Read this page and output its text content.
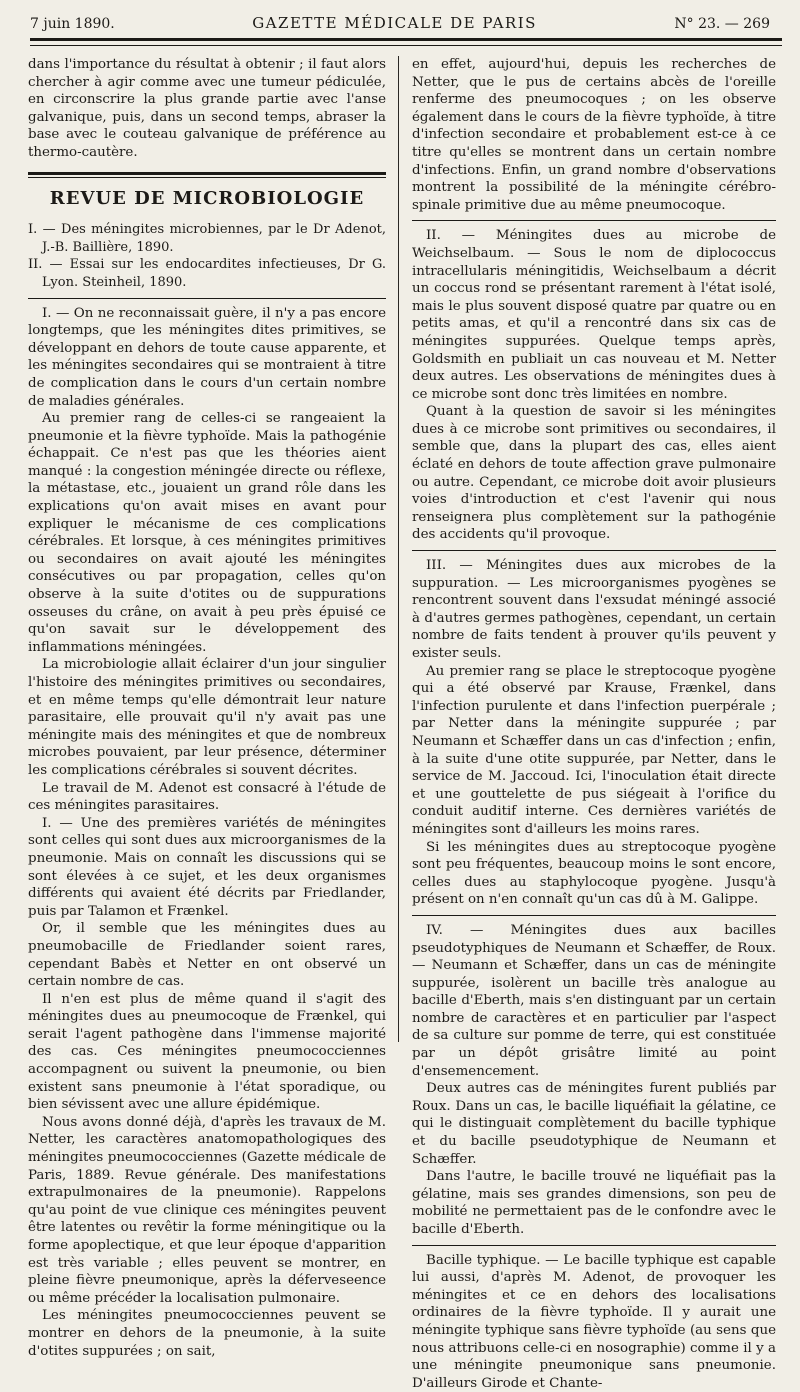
7 juin 1890.	GAZETTE MÉDICALE DE PARIS	N° 23. — 269

dans l'importance du résultat à obtenir ; il faut alors chercher à agir comme avec une tumeur pédiculée, en circonscrire la plus grande partie avec l'anse galvanique, puis, dans un second temps, abraser la base avec le couteau galvanique de préférence au thermo-cautère.

REVUE DE MICROBIOLOGIE

I. — Des méningites microbiennes, par le Dr Adenot, J.-B. Baillière, 1890.

II. — Essai sur les endocardites infectieuses, Dr G. Lyon. Steinheil, 1890.

I. — On ne reconnaissait guère, il n'y a pas encore longtemps, que les méningites dites primitives, se développant en dehors de toute cause apparente, et les méningites secondaires qui se montraient à titre de complication dans le cours d'un certain nombre de maladies générales.

Au premier rang de celles-ci se rangeaient la pneumonie et la fièvre typhoïde. Mais la pathogénie échappait. Ce n'est pas que les théories aient manqué : la congestion méningée directe ou réflexe, la métastase, etc., jouaient un grand rôle dans les explications qu'on avait mises en avant pour expliquer le mécanisme de ces complications cérébrales. Et lorsque, à ces méningites primitives ou secondaires on avait ajouté les méningites consécutives ou par propagation, celles qu'on observe à la suite d'otites ou de suppurations osseuses du crâne, on avait à peu près épuisé ce qu'on savait sur le développement des inflammations méningées.

La microbiologie allait éclairer d'un jour singulier l'histoire des méningites primitives ou secondaires, et en même temps qu'elle démontrait leur nature parasitaire, elle prouvait qu'il n'y avait pas une méningite mais des méningites et que de nombreux microbes pouvaient, par leur présence, déterminer les complications cérébrales si souvent décrites.

Le travail de M. Adenot est consacré à l'étude de ces méningites parasitaires.

I. — Une des premières variétés de méningites sont celles qui sont dues aux microorganismes de la pneumonie. Mais on connaît les discussions qui se sont élevées à ce sujet, et les deux organismes différents qui avaient été décrits par Friedlander, puis par Talamon et Frænkel.

Or, il semble que les méningites dues au pneumobacille de Friedlander soient rares, cependant Babès et Netter en ont observé un certain nombre de cas.

Il n'en est plus de même quand il s'agit des méningites dues au pneumocoque de Frænkel, qui serait l'agent pathogène dans l'immense majorité des cas. Ces méningites pneumococciennes accompagnent ou suivent la pneumonie, ou bien existent sans pneumonie à l'état sporadique, ou bien sévissent avec une allure épidémique.

Nous avons donné déjà, d'après les travaux de M. Netter, les caractères anatomopathologiques des méningites pneumococciennes (Gazette médicale de Paris, 1889. Revue générale. Des manifestations extrapulmonaires de la pneumonie). Rappelons qu'au point de vue clinique ces méningites peuvent être latentes ou revêtir la forme méningitique ou la forme apoplectique, et que leur époque d'apparition est très variable ; elles peuvent se montrer, en pleine fièvre pneumonique, après la déferveseence ou même précéder la localisation pulmonaire.

Les méningites pneumococciennes peuvent se montrer en dehors de la pneumonie, à la suite d'otites suppurées ; on sait,

en effet, aujourd'hui, depuis les recherches de Netter, que le pus de certains abcès de l'oreille renferme des pneumocoques ; on les observe également dans le cours de la fièvre typhoïde, à titre d'infection secondaire et probablement est-ce à ce titre qu'elles se montrent dans un certain nombre d'infections. Enfin, un grand nombre d'observations montrent la possibilité de la méningite cérébro-spinale primitive due au même pneumocoque.

II. — Méningites dues au microbe de Weichselbaum. — Sous le nom de diplococcus intracellularis méningitidis, Weichselbaum a décrit un coccus rond se présentant rarement à l'état isolé, mais le plus souvent disposé quatre par quatre ou en petits amas, et qu'il a rencontré dans six cas de méningites suppurées. Quelque temps après, Goldsmith en publiait un cas nouveau et M. Netter deux autres. Les observations de méningites dues à ce microbe sont donc très limitées en nombre.

Quant à la question de savoir si les méningites dues à ce microbe sont primitives ou secondaires, il semble que, dans la plupart des cas, elles aient éclaté en dehors de toute affection grave pulmonaire ou autre. Cependant, ce microbe doit avoir plusieurs voies d'introduction et c'est l'avenir qui nous renseignera plus complètement sur la pathogénie des accidents qu'il provoque.

III. — Méningites dues aux microbes de la suppuration. — Les microorganismes pyogènes se rencontrent souvent dans l'exsudat méningé associé à d'autres germes pathogènes, cependant, un certain nombre de faits tendent à prouver qu'ils peuvent y exister seuls.

Au premier rang se place le streptocoque pyogène qui a été observé par Krause, Frænkel, dans l'infection purulente et dans l'infection puerpérale ; par Netter dans la méningite suppurée ; par Neumann et Schæffer dans un cas d'infection ; enfin, à la suite d'une otite suppurée, par Netter, dans le service de M. Jaccoud. Ici, l'inoculation était directe et une gouttelette de pus siégeait à l'orifice du conduit auditif interne. Ces dernières variétés de méningites sont d'ailleurs les moins rares.

Si les méningites dues au streptocoque pyogène sont peu fréquentes, beaucoup moins le sont encore, celles dues au staphylocoque pyogène. Jusqu'à présent on n'en connaît qu'un cas dû à M. Galippe.

IV. — Méningites dues aux bacilles pseudotyphiques de Neumann et Schæffer, de Roux. — Neumann et Schæffer, dans un cas de méningite suppurée, isolèrent un bacille très analogue au bacille d'Eberth, mais s'en distinguant par un certain nombre de caractères et en particulier par l'aspect de sa culture sur pomme de terre, qui est constituée par un dépôt grisâtre limité au point d'ensemencement.

Deux autres cas de méningites furent publiés par Roux. Dans un cas, le bacille liquéfiait la gélatine, ce qui le distinguait complètement du bacille typhique et du bacille pseudotyphique de Neumann et Schæffer.

Dans l'autre, le bacille trouvé ne liquéfiait pas la gélatine, mais ses grandes dimensions, son peu de mobilité ne permettaient pas de le confondre avec le bacille d'Eberth.

Bacille typhique. — Le bacille typhique est capable lui aussi, d'après M. Adenot, de provoquer les méningites et ce en dehors des localisations ordinaires de la fièvre typhoïde. Il y aurait une méningite typhique sans fièvre typhoïde (au sens que nous attribuons celle-ci en nosographie) comme il y a une méningite pneumonique sans pneumonie. D'ailleurs Girode et Chante-
